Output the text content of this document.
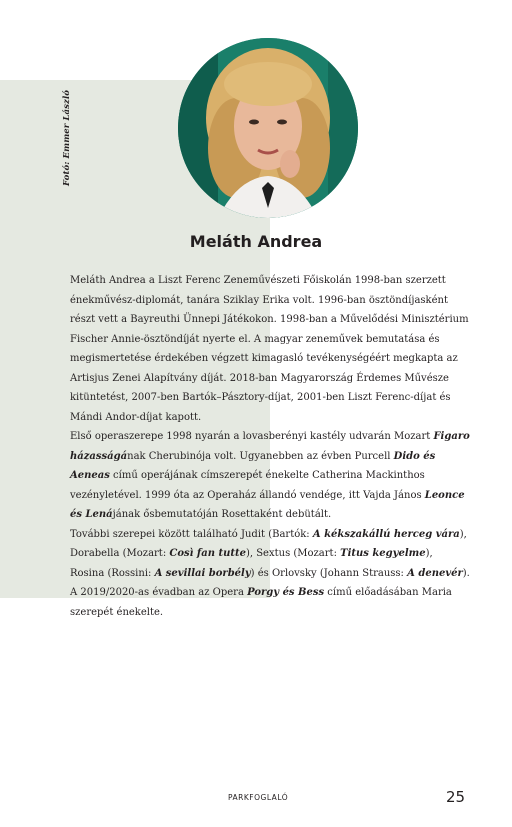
Fotó: Emmer László
Meláth Andrea

Meláth Andrea a Liszt Ferenc Zeneművészeti Főiskolán 1998-ban szerzett énekművész-diplomát, tanára Sziklay Erika volt. 1996-ban ösztöndíjasként részt vett a Bayreuthi Ünnepi Játékokon. 1998-ban a Művelődési Minisztérium Fischer Annie-ösztöndíját nyerte el. A magyar zeneművek bemutatása és megismertetése érdekében végzett kimagasló tevékenységéért megkapta az Artisjus Zenei Alapítvány díját. 2018-ban Magyarország Érdemes Művésze kitüntetést, 2007-ben Bartók–Pásztory-díjat, 2001-ben Liszt Ferenc-díjat és Mándi Andor-díjat kapott.

Első operaszerepe 1998 nyarán a lovasberényi kastély udvarán Mozart Figaro házasságának Cherubinója volt. Ugyanebben az évben Purcell Dido és Aeneas című operájának címszerepét énekelte Catherina Mackinthos vezényletével. 1999 óta az Operaház állandó vendége, itt Vajda János Leonce és Lenájának ősbemutatóján Rosettaként debütált.

További szerepei között található Judit (Bartók: A kékszakállú herceg vára), Dorabella (Mozart: Così fan tutte), Sextus (Mozart: Titus kegyelme), Rosina (Rossini: A sevillai borbély) és Orlovsky (Johann Strauss: A denevér).

A 2019/2020-as évadban az Opera Porgy és Bess című előadásában Maria szerepét énekelte.

PARKFOGLALÓ	25
